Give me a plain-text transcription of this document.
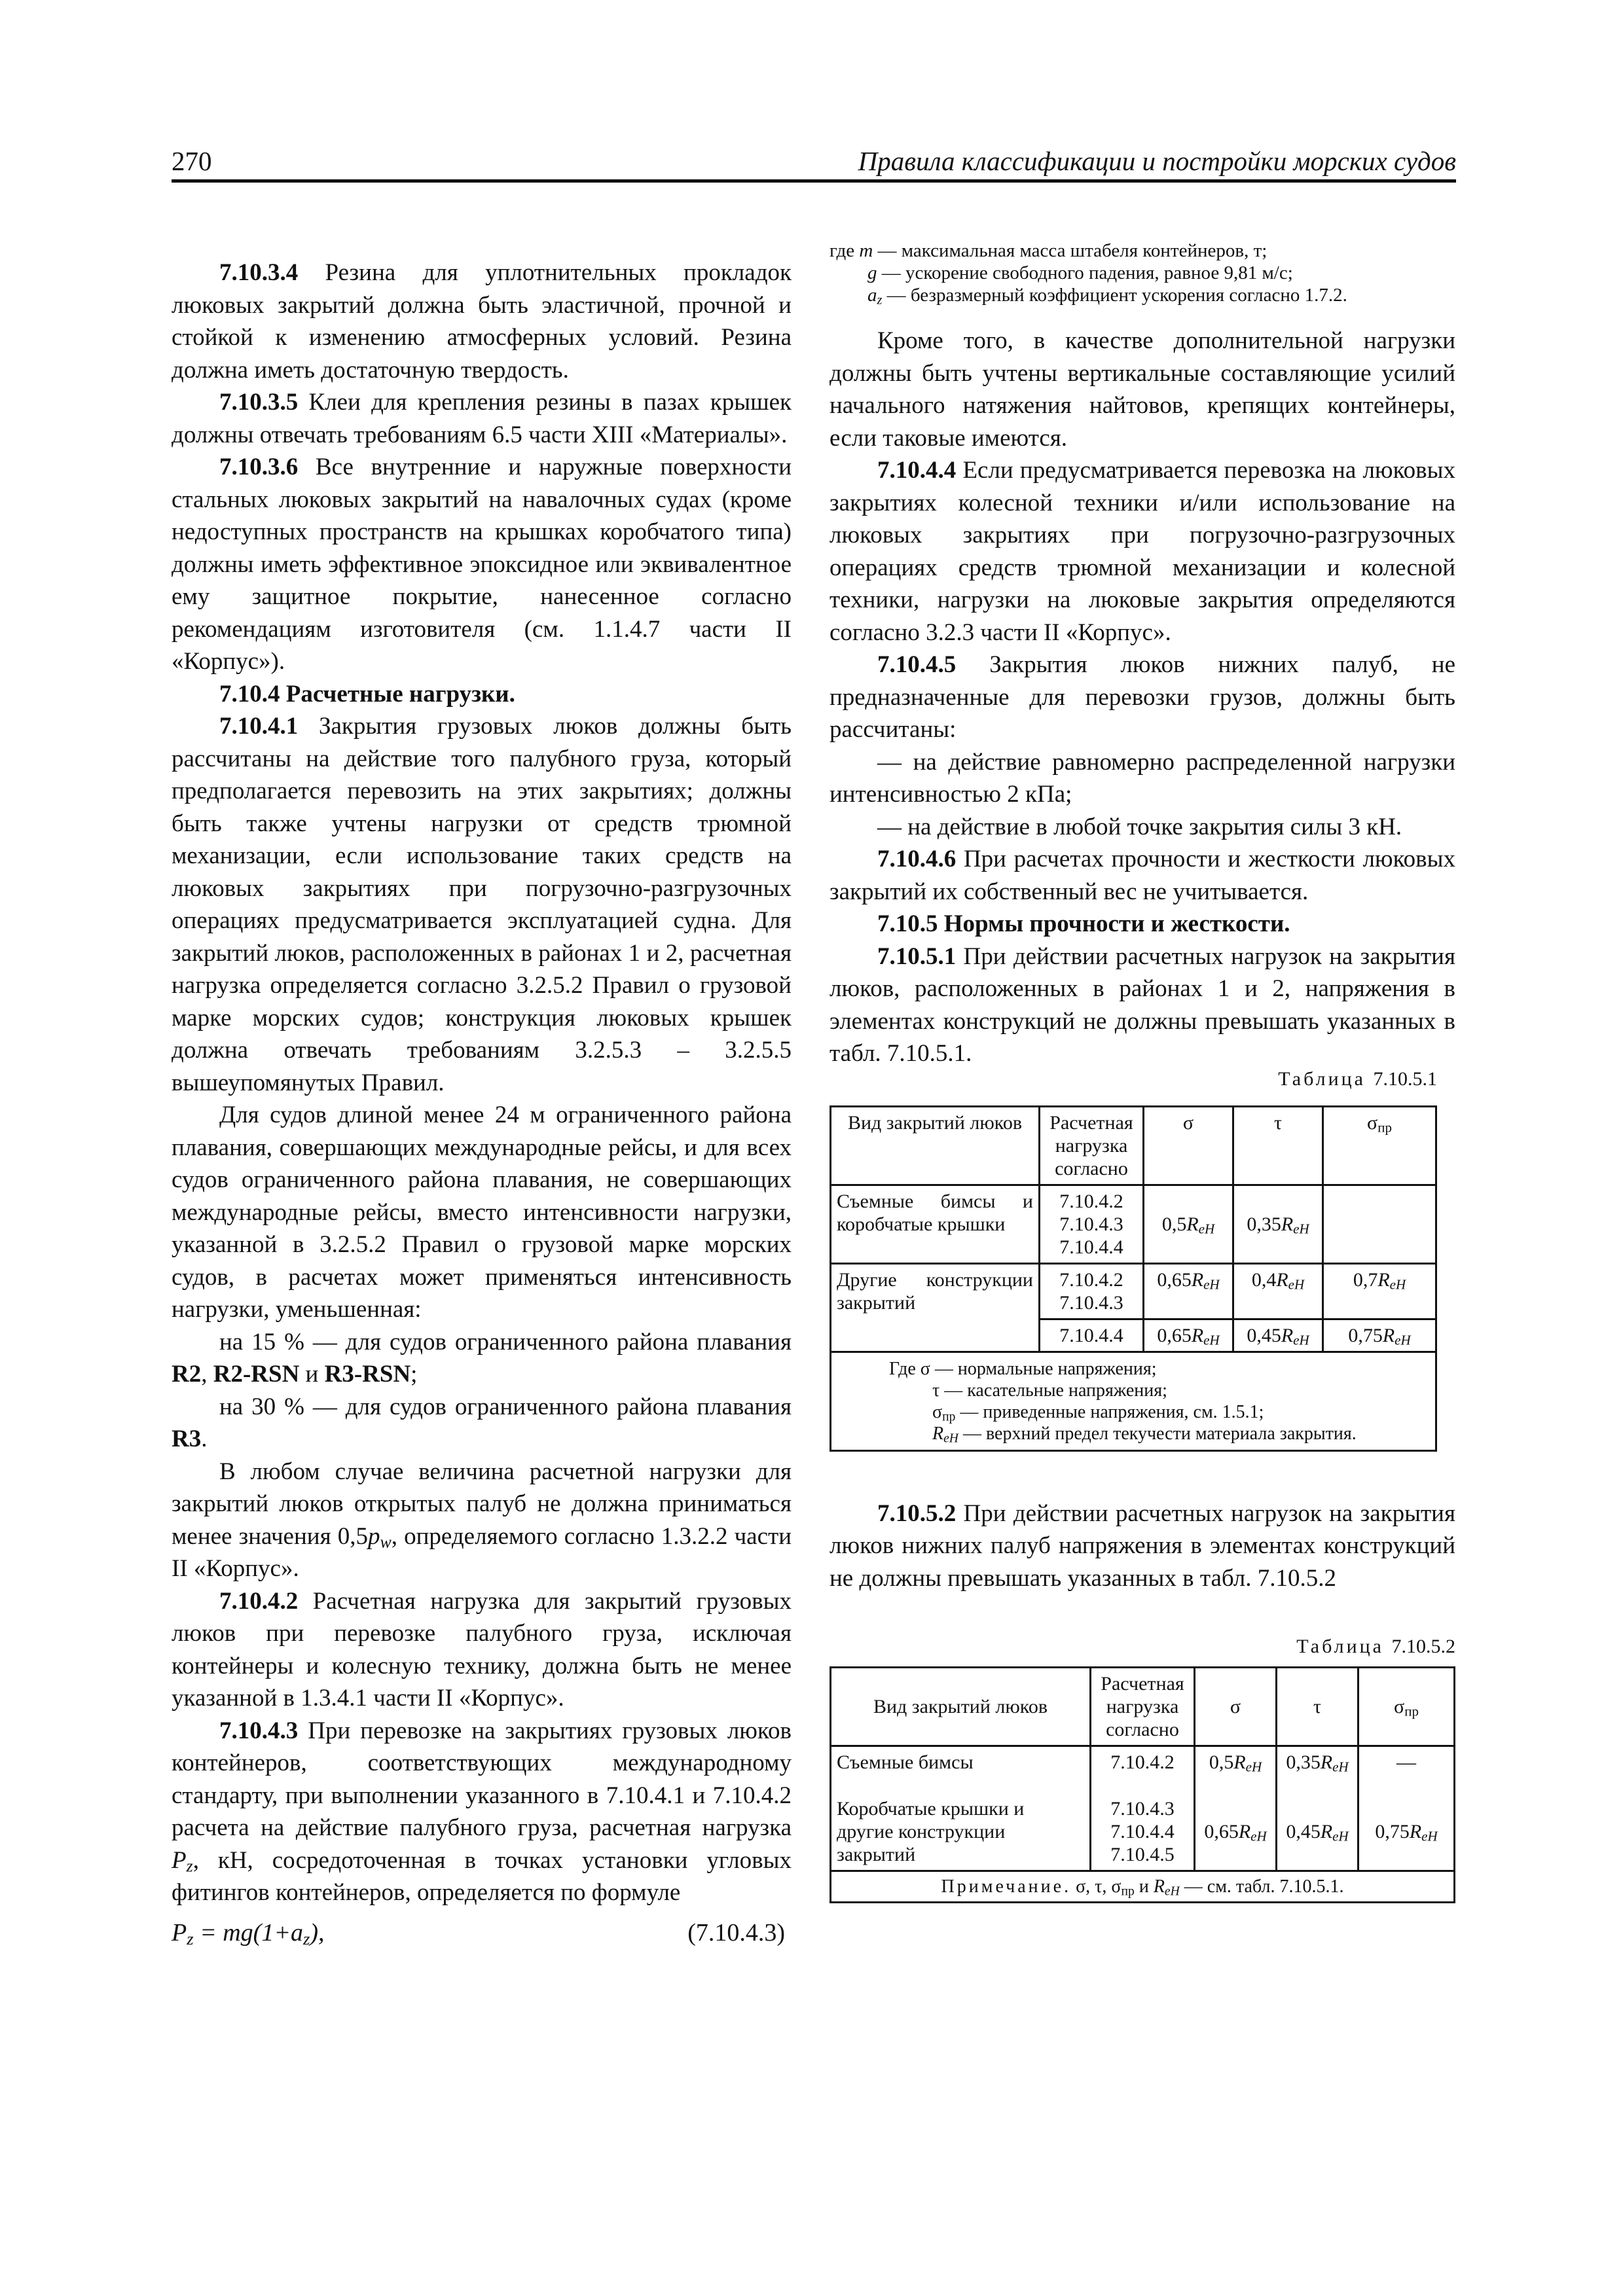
270	Правила классификации и постройки морских судов

7.10.3.4 Резина для уплотнительных прокладок люковых закрытий должна быть эластичной, прочной и стойкой к изменению атмосферных условий. Резина должна иметь достаточную твердость.

7.10.3.5 Клеи для крепления резины в пазах крышек должны отвечать требованиям 6.5 части XIII «Материалы».

7.10.3.6 Все внутренние и наружные поверхности стальных люковых закрытий на навалочных судах (кроме недоступных пространств на крышках коробчатого типа) должны иметь эффективное эпоксидное или эквивалентное ему защитное покрытие, нанесенное согласно рекомендациям изготовителя (см. 1.1.4.7 части II «Корпус»).

7.10.4 Расчетные нагрузки.

7.10.4.1 Закрытия грузовых люков должны быть рассчитаны на действие того палубного груза, который предполагается перевозить на этих закрытиях; должны быть также учтены нагрузки от средств трюмной механизации, если использование таких средств на люковых закрытиях при погрузочно-разгрузочных операциях предусматривается эксплуатацией судна. Для закрытий люков, расположенных в районах 1 и 2, расчетная нагрузка определяется согласно 3.2.5.2 Правил о грузовой марке морских судов; конструкция люковых крышек должна отвечать требованиям 3.2.5.3 – 3.2.5.5 вышеупомянутых Правил.

Для судов длиной менее 24 м ограниченного района плавания, совершающих международные рейсы, и для всех судов ограниченного района плавания, не совершающих международные рейсы, вместо интенсивности нагрузки, указанной в 3.2.5.2 Правил о грузовой марке морских судов, в расчетах может применяться интенсивность нагрузки, уменьшенная:

на 15 % — для судов ограниченного района плавания R2, R2-RSN и R3-RSN;

на 30 % — для судов ограниченного района плавания R3.

В любом случае величина расчетной нагрузки для закрытий люков открытых палуб не должна приниматься менее значения $0,5p_w$, определяемого согласно 1.3.2.2 части II «Корпус».

7.10.4.2 Расчетная нагрузка для закрытий грузовых люков при перевозке палубного груза, исключая контейнеры и колесную технику, должна быть не менее указанной в 1.3.4.1 части II «Корпус».

7.10.4.3 При перевозке на закрытиях грузовых люков контейнеров, соответствующих международному стандарту, при выполнении указанного в 7.10.4.1 и 7.10.4.2 расчета на действие палубного груза, расчетная нагрузка $P_z$, кН, сосредоточенная в точках установки угловых фитингов контейнеров, определяется по формуле

$P_z = mg(1+a_z)$,	(7.10.4.3)
где m — максимальная масса штабеля контейнеров, т;
g — ускорение свободного падения, равное 9,81 м/с;
$a_z$ — безразмерный коэффициент ускорения согласно 1.7.2.

Кроме того, в качестве дополнительной нагрузки должны быть учтены вертикальные составляющие усилий начального натяжения найтовов, крепящих контейнеры, если таковые имеются.

7.10.4.4 Если предусматривается перевозка на люковых закрытиях колесной техники и/или использование на люковых закрытиях при погрузочно-разгрузочных операциях средств трюмной механизации и колесной техники, нагрузки на люковые закрытия определяются согласно 3.2.3 части II «Корпус».

7.10.4.5 Закрытия люков нижних палуб, не предназначенные для перевозки грузов, должны быть рассчитаны:

— на действие равномерно распределенной нагрузки интенсивностью 2 кПа;

— на действие в любой точке закрытия силы 3 кН.

7.10.4.6 При расчетах прочности и жесткости люковых закрытий их собственный вес не учитывается.

7.10.5 Нормы прочности и жесткости.

7.10.5.1 При действии расчетных нагрузок на закрытия люков, расположенных в районах 1 и 2, напряжения в элементах конструкций не должны превышать указанных в табл. 7.10.5.1.

Таблица 7.10.5.1
Вид закрытий люков	Расчетная нагрузка согласно	σ	τ	$\sigma_{пр}$
Съемные бимсы и коробчатые крышки	7.10.4.2
7.10.4.3
7.10.4.4	$0,5R_{eH}$	$0,35R_{eH}$	
Другие конструкции закрытий	7.10.4.2
7.10.4.3	$0,65R_{eH}$	$0,4R_{eH}$	$0,7R_{eH}$
	7.10.4.4	$0,65R_{eH}$	$0,45R_{eH}$	$0,75R_{eH}$

Где σ — нормальные напряжения;
τ — касательные напряжения;
$\sigma_{пр}$ — приведенные напряжения, см. 1.5.1;
$R_{eH}$ — верхний предел текучести материала закрытия.				

7.10.5.2 При действии расчетных нагрузок на закрытия люков нижних палуб напряжения в элементах конструкций не должны превышать указанных в табл. 7.10.5.2

Таблица 7.10.5.2
Вид закрытий люков	Расчетная нагрузка согласно	σ	τ	$\sigma_{пр}$
Съемные бимсы	7.10.4.2	$0,5R_{eH}$	$0,35R_{eH}$	—
Коробчатые крышки и другие конструкции закрытий	7.10.4.3
7.10.4.4
7.10.4.5	$0,65R_{eH}$	$0,45R_{eH}$	$0,75R_{eH}$
Примечание. σ, τ, $\sigma_{пр}$ и $R_{eH}$ — см. табл. 7.10.5.1.				
